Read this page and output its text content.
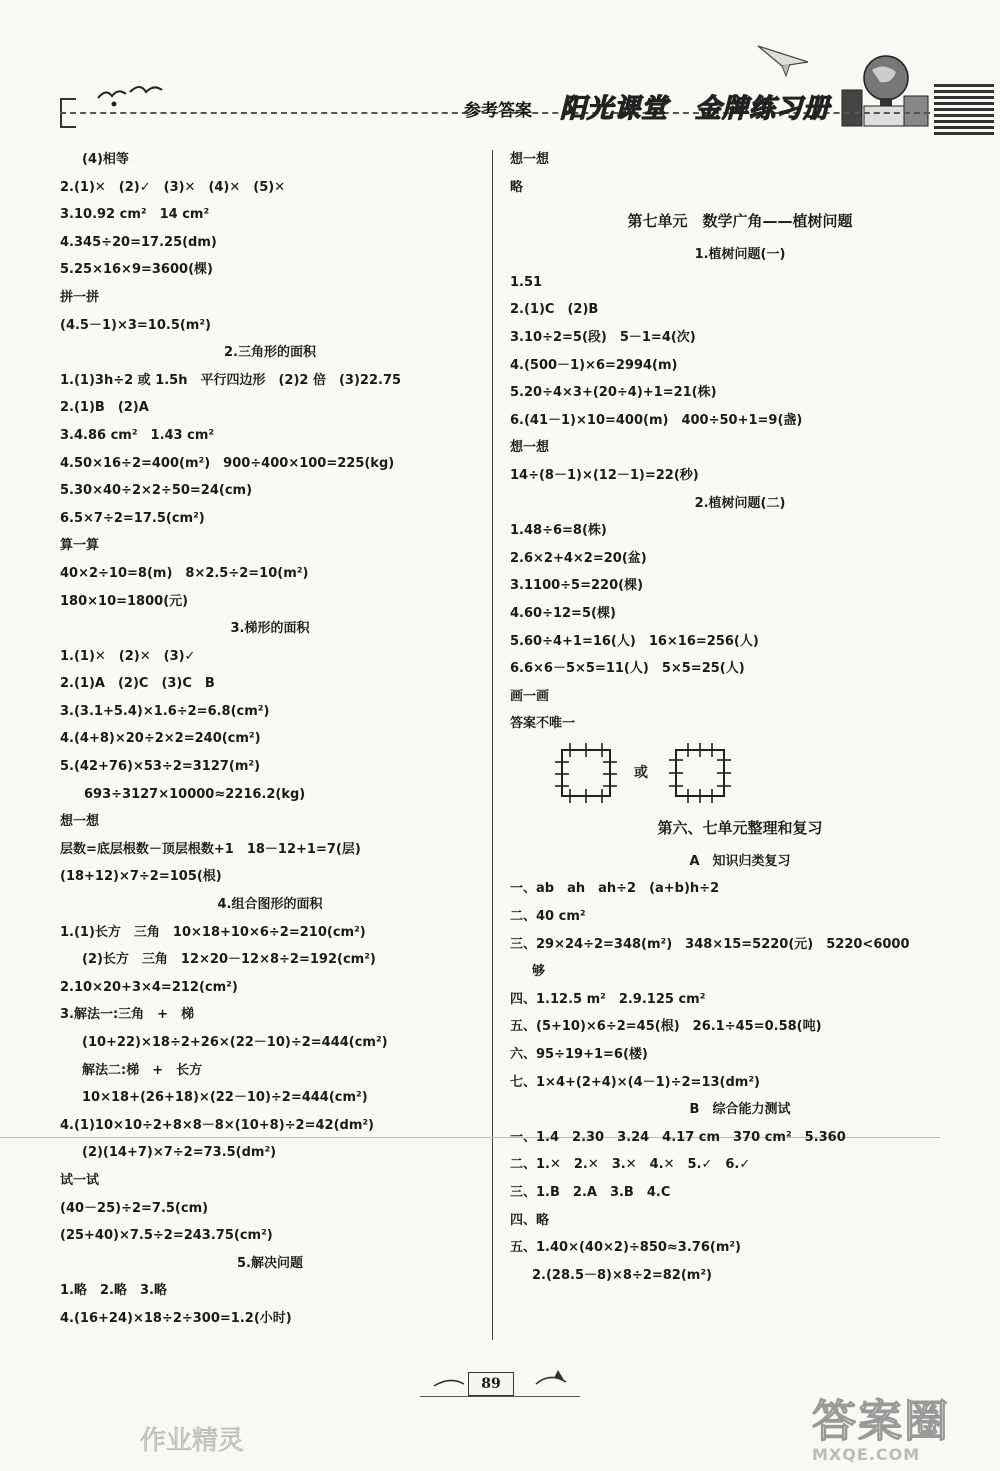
参考答案 阳光课堂　金牌练习册
(4)相等
2.(1)✕　(2)✓　(3)✕　(4)✕　(5)✕
3.10.92 cm²　14 cm²
4.345÷20=17.25(dm)
5.25×16×9=3600(棵)
拼一拼
(4.5－1)×3=10.5(m²)
2.三角形的面积
1.(1)3h÷2 或 1.5h　平行四边形　(2)2 倍　(3)22.75
2.(1)B　(2)A
3.4.86 cm²　1.43 cm²
4.50×16÷2=400(m²)　900÷400×100=225(kg)
5.30×40÷2×2÷50=24(cm)
6.5×7÷2=17.5(cm²)
算一算
40×2÷10=8(m)　8×2.5÷2=10(m²)
180×10=1800(元)
3.梯形的面积
1.(1)✕　(2)✕　(3)✓
2.(1)A　(2)C　(3)C　B
3.(3.1+5.4)×1.6÷2=6.8(cm²)
4.(4+8)×20÷2×2=240(cm²)
5.(42+76)×53÷2=3127(m²)
693÷3127×10000≈2216.2(kg)
想一想
层数=底层根数－顶层根数+1　18－12+1=7(层)
(18+12)×7÷2=105(根)
4.组合图形的面积
1.(1)长方　三角　10×18+10×6÷2=210(cm²)
(2)长方　三角　12×20－12×8÷2=192(cm²)
2.10×20+3×4=212(cm²)
3.解法一:三角　+　梯
(10+22)×18÷2+26×(22－10)÷2=444(cm²)
解法二:梯　+　长方
10×18+(26+18)×(22－10)÷2=444(cm²)
4.(1)10×10÷2+8×8－8×(10+8)÷2=42(dm²)
(2)(14+7)×7÷2=73.5(dm²)
试一试
(40－25)÷2=7.5(cm)
(25+40)×7.5÷2=243.75(cm²)
5.解决问题
1.略　2.略　3.略
4.(16+24)×18÷2÷300=1.2(小时)
想一想
略
第七单元　数学广角——植树问题
1.植树问题(一)
1.51
2.(1)C　(2)B
3.10÷2=5(段)　5－1=4(次)
4.(500－1)×6=2994(m)
5.20÷4×3+(20÷4)+1=21(株)
6.(41－1)×10=400(m)　400÷50+1=9(盏)
想一想
14÷(8－1)×(12－1)=22(秒)
2.植树问题(二)
1.48÷6=8(株)
2.6×2+4×2=20(盆)
3.1100÷5=220(棵)
4.60÷12=5(棵)
5.60÷4+1=16(人)　16×16=256(人)
6.6×6－5×5=11(人)　5×5=25(人)
画一画
答案不唯一
或
第六、七单元整理和复习
A　知识归类复习
一、ab　ah　ah÷2　(a+b)h÷2
二、40 cm²
三、29×24÷2=348(m²)　348×15=5220(元)　5220<6000
够
四、1.12.5 m²　2.9.125 cm²
五、(5+10)×6÷2=45(根)　26.1÷45=0.58(吨)
六、95÷19+1=6(楼)
七、1×4+(2+4)×(4－1)÷2=13(dm²)
B　综合能力测试
一、1.4　2.30　3.24　4.17 cm　370 cm²　5.360
二、1.✕　2.✕　3.✕　4.✕　5.✓　6.✓
三、1.B　2.A　3.B　4.C
四、略
五、1.40×(40×2)÷850≈3.76(m²)
2.(28.5－8)×8÷2=82(m²)
89
作业精灵	答案圈
MXQE.COM
